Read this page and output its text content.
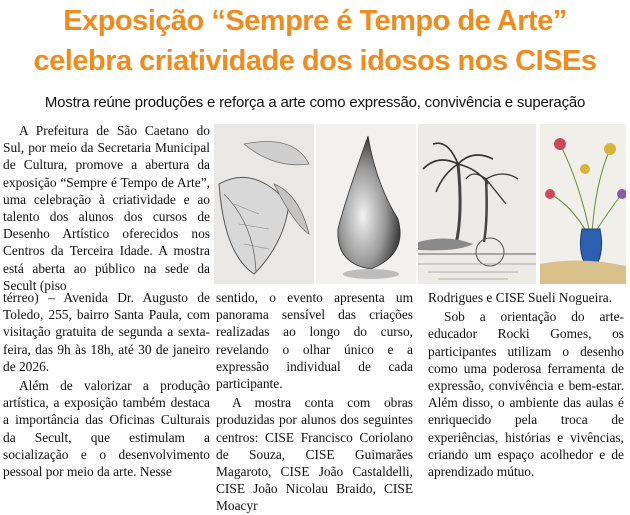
Exposição “Sempre é Tempo de Arte”
celebra criatividade dos idosos nos CISEs
Mostra reúne produções e reforça a arte como expressão, convivência e superação

A Prefeitura de São Caetano do Sul, por meio da Secretaria Municipal de Cultura, promove a abertura da exposição “Sempre é Tempo de Arte”, uma celebração à criatividade e ao talento dos alunos dos cursos de Desenho Artístico oferecidos nos Centros da Terceira Idade. A mostra está aberta ao público na sede da Secult (piso

térreo) – Avenida Dr. Augusto de Toledo, 255, bairro Santa Paula, com visitação gratuita de segunda a sexta-feira, das 9h às 18h, até 30 de janeiro de 2026.

Além de valorizar a produção artística, a exposição também destaca a importância das Oficinas Culturais da Secult, que estimulam a socialização e o desenvolvimento pessoal por meio da arte. Nesse

sentido, o evento apresenta um panorama sensível das criações realizadas ao longo do curso, revelando o olhar único e a expressão individual de cada participante.

A mostra conta com obras produzidas por alunos dos seguintes centros: CISE Francisco Coriolano de Souza, CISE Guimarães Magaroto, CISE João Castaldelli, CISE João Nicolau Braido, CISE Moacyr

Rodrigues e CISE Sueli Nogueira.

Sob a orientação do arte-educador Rocki Gomes, os participantes utilizam o desenho como uma poderosa ferramenta de expressão, convivência e bem-estar. Além disso, o ambiente das aulas é enriquecido pela troca de experiências, histórias e vivências, criando um espaço acolhedor e de aprendizado mútuo.
